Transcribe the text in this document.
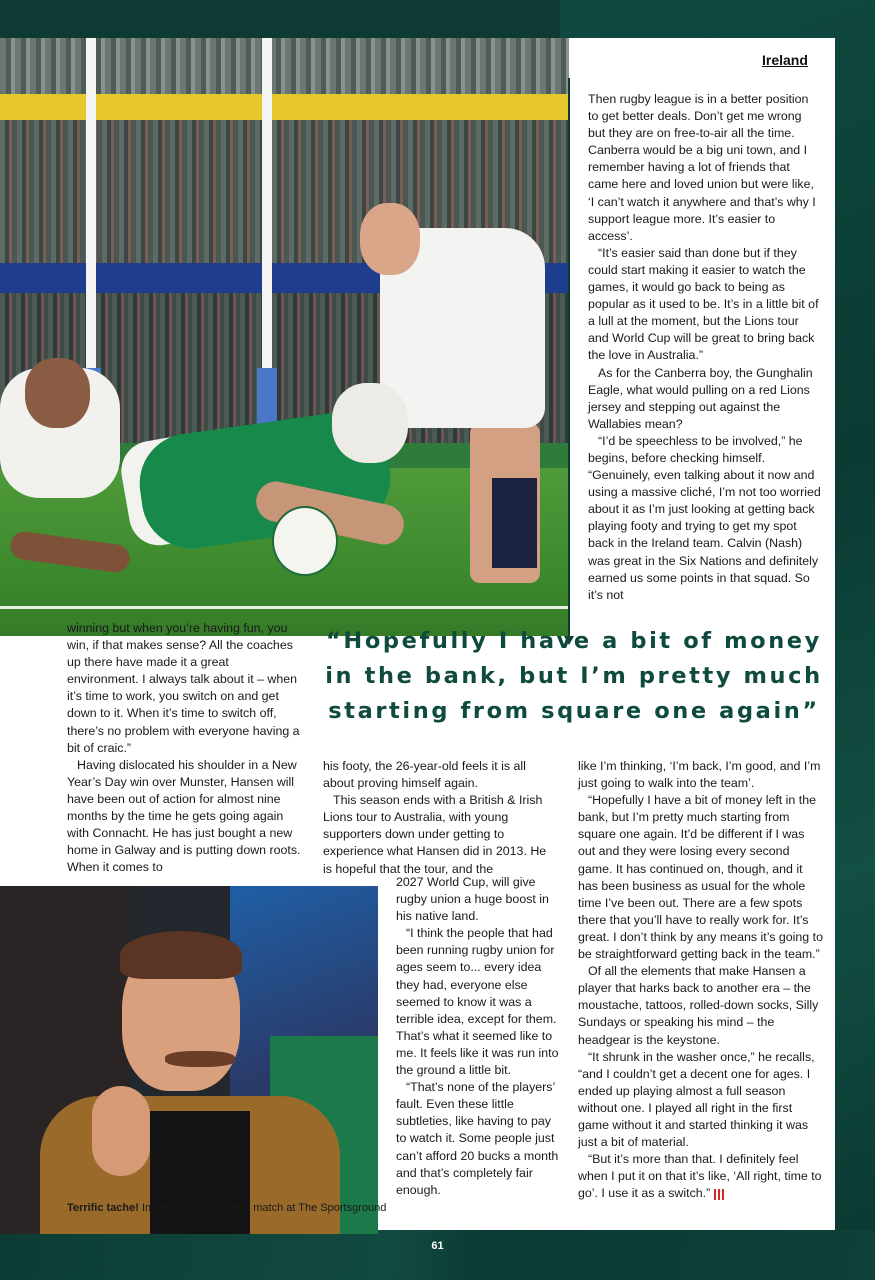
Ireland

Then rugby league is in a better position to get better deals. Don’t get me wrong but they are on free-to-air all the time. Canberra would be a big uni town, and I remember having a lot of friends that came here and loved union but were like, ‘I can’t watch it anywhere and that’s why I support league more. It’s easier to access’.

“It’s easier said than done but if they could start making it easier to watch the games, it would go back to being as popular as it used to be. It’s in a little bit of a lull at the moment, but the Lions tour and World Cup will be great to bring back the love in Australia.”

As for the Canberra boy, the Gunghalin Eagle, what would pulling on a red Lions jersey and stepping out against the Wallabies mean?

“I’d be speechless to be involved,” he begins, before checking himself. “Genuinely, even talking about it now and using a massive cliché, I’m not too worried about it as I’m just looking at getting back playing footy and trying to get my spot back in the Ireland team. Calvin (Nash) was great in the Six Nations and definitely earned us some points in that squad. So it’s not

winning but when you’re having fun, you win, if that makes sense? All the coaches up there have made it a great environment. I always talk about it – when it’s time to work, you switch on and get down to it. When it’s time to switch off, there’s no problem with everyone having a bit of craic.”

Having dislocated his shoulder in a New Year’s Day win over Munster, Hansen will have been out of action for almost nine months by the time he gets going again with Connacht. He has just bought a new home in Galway and is putting down roots. When it comes to

“Hopefully I have a bit of money in the bank, but I’m pretty much starting from square one again”

his footy, the 26-year-old feels it is all about proving himself again.

This season ends with a British & Irish Lions tour to Australia, with young supporters down under getting to experience what Hansen did in 2013. He is hopeful that the tour, and the

2027 World Cup, will give rugby union a huge boost in his native land.

“I think the people that had been running rugby union for ages seem to... every idea they had, everyone else seemed to know it was a terrible idea, except for them. That’s what it seemed like to me. It feels like it was run into the ground a little bit.

“That’s none of the players’ fault. Even these little subtleties, like having to pay to watch it. Some people just can’t afford 20 bucks a month and that’s completely fair enough.

like I’m thinking, ‘I’m back, I’m good, and I’m just going to walk into the team’.

“Hopefully I have a bit of money left in the bank, but I’m pretty much starting from square one again. It’d be different if I was out and they were losing every second game. It has continued on, though, and it has been business as usual for the whole time I’ve been out. There are a few spots there that you’ll have to really work for. It’s great. I don’t think by any means it’s going to be straightforward getting back in the team.”

Of all the elements that make Hansen a player that harks back to another era – the moustache, tattoos, rolled-down socks, Silly Sundays or speaking his mind – the headgear is the keystone.

“It shrunk in the washer once,” he recalls, “and I couldn’t get a decent one for ages. I ended up playing almost a full season without one. I played all right in the first game without it and started thinking it was just a bit of material.

“But it’s more than that. I definitely feel when I put it on that it’s like, ‘All right, time to go’. I use it as a switch.”

Terrific tache! In the crowd at a URC match at The Sportsground
61
